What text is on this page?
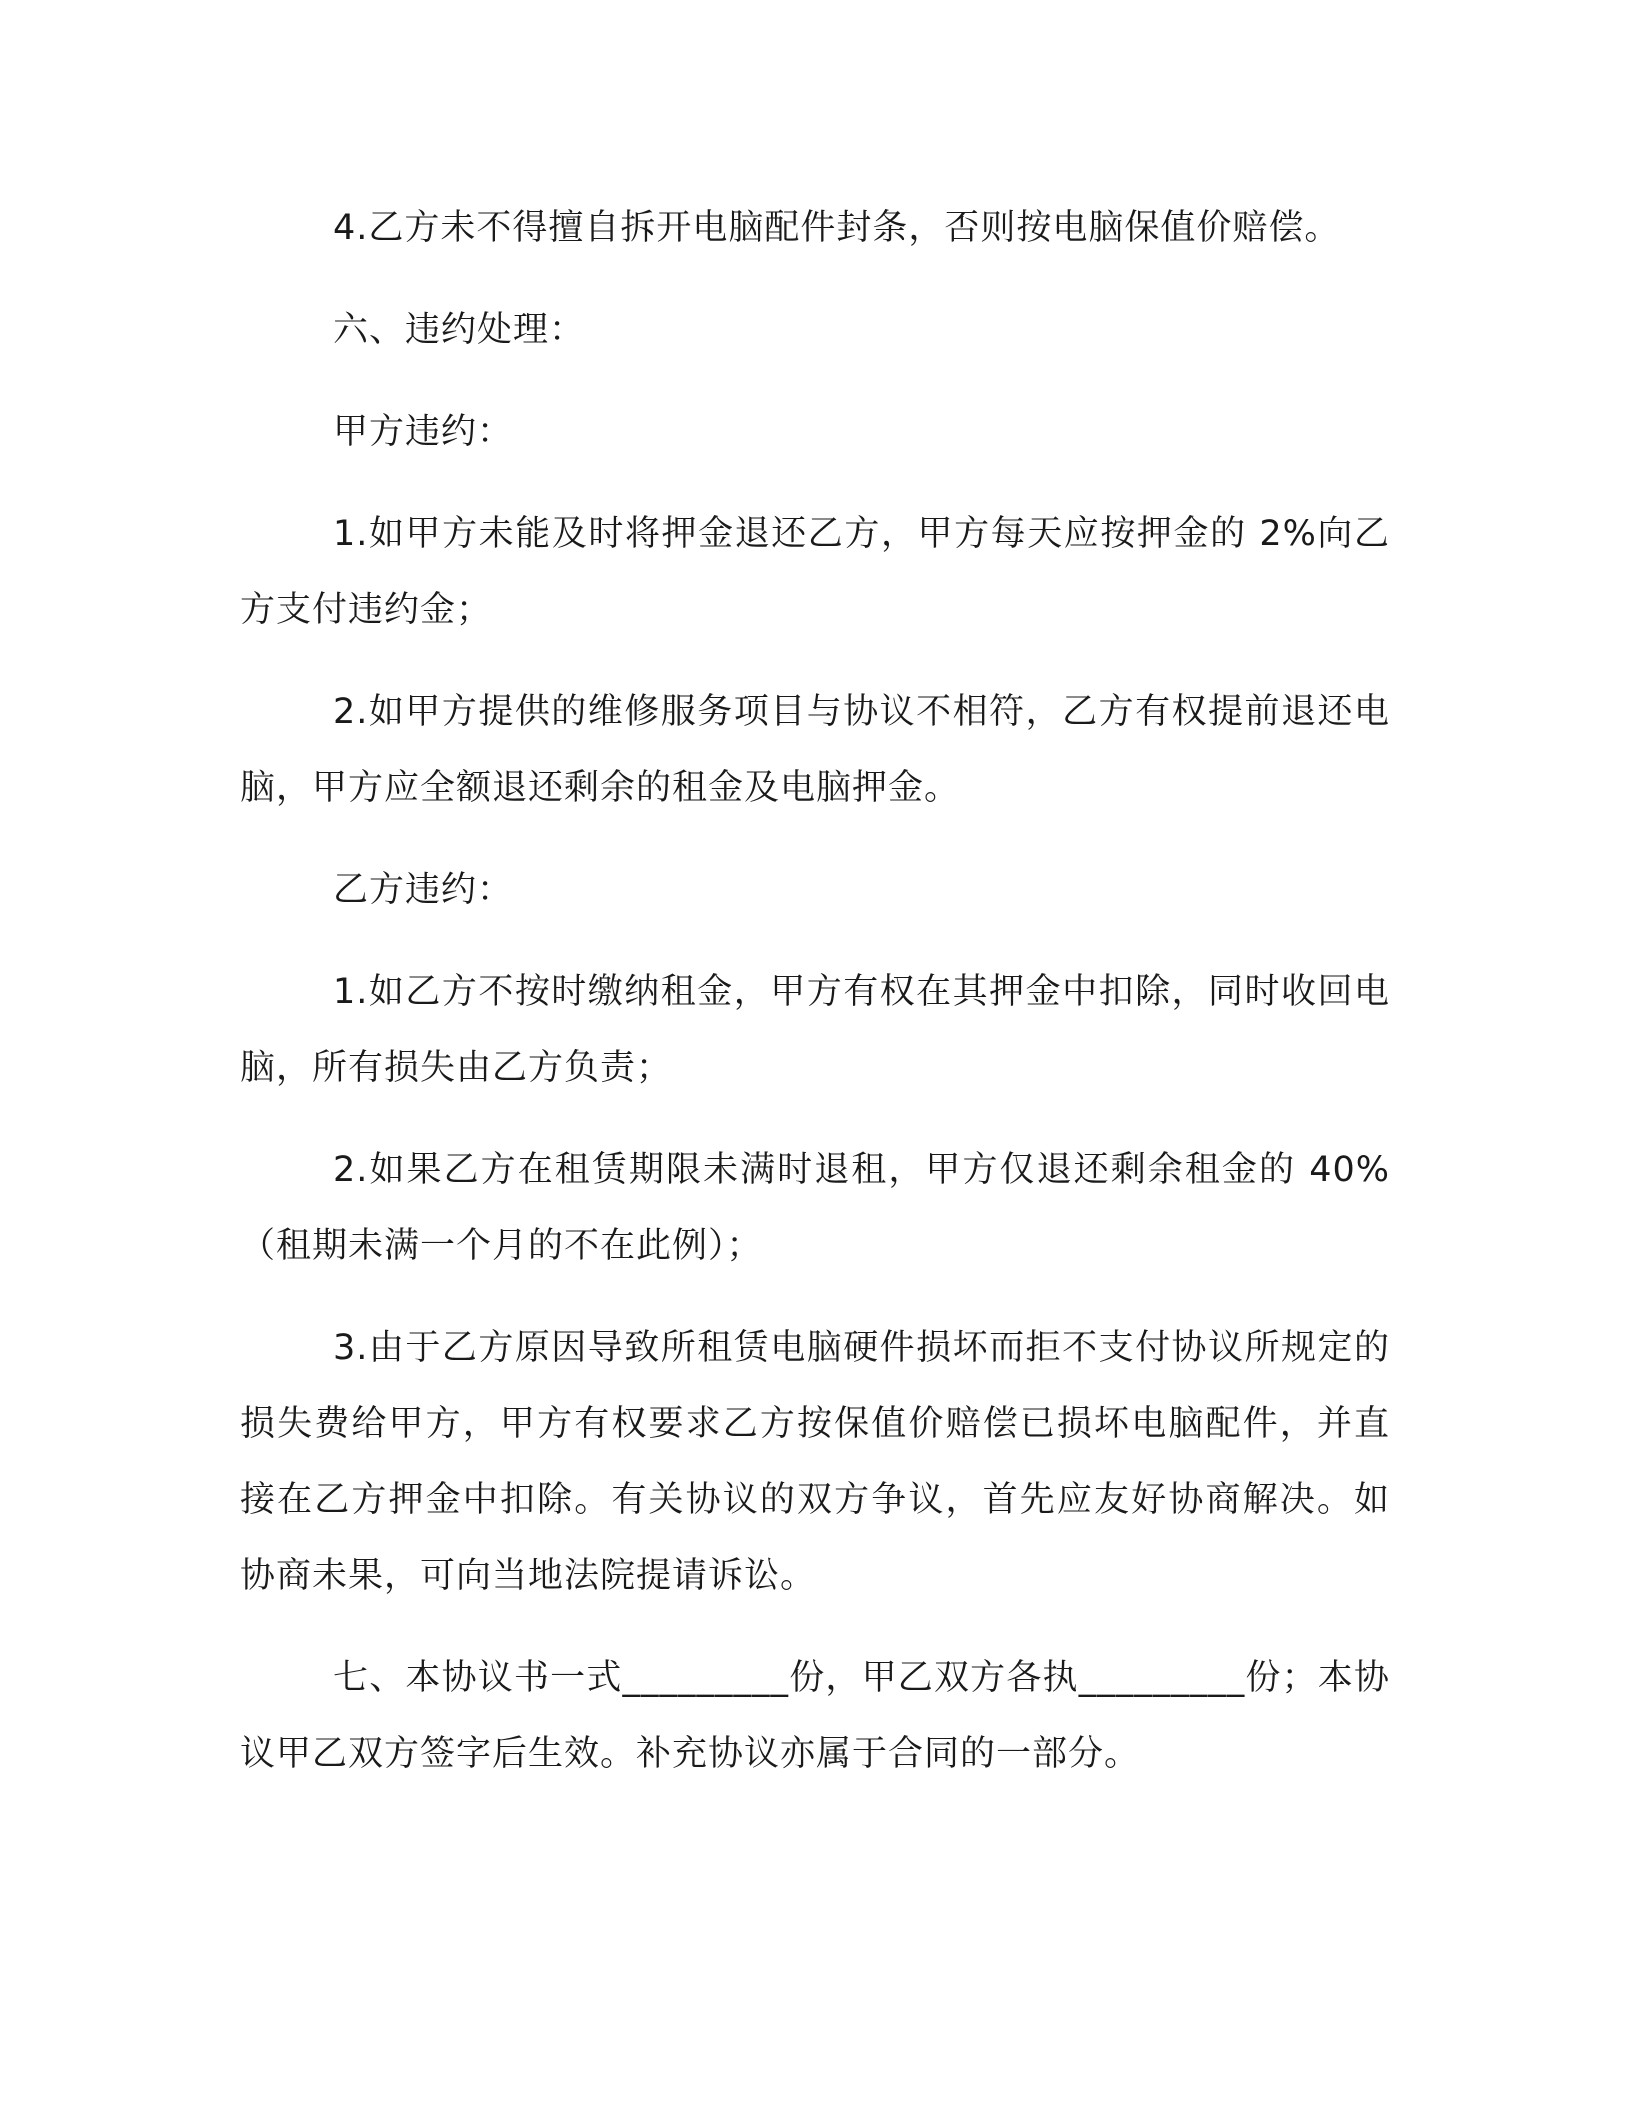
4.乙方未不得擅自拆开电脑配件封条，否则按电脑保值价赔偿。

六、违约处理：

甲方违约：

1.如甲方未能及时将押金退还乙方，甲方每天应按押金的 2%向乙方支付违约金；

2.如甲方提供的维修服务项目与协议不相符，乙方有权提前退还电脑，甲方应全额退还剩余的租金及电脑押金。

乙方违约：

1.如乙方不按时缴纳租金，甲方有权在其押金中扣除，同时收回电脑，所有损失由乙方负责；

2.如果乙方在租赁期限未满时退租，甲方仅退还剩余租金的 40%（租期未满一个月的不在此例）；

3.由于乙方原因导致所租赁电脑硬件损坏而拒不支付协议所规定的损失费给甲方，甲方有权要求乙方按保值价赔偿已损坏电脑配件，并直接在乙方押金中扣除。有关协议的双方争议，首先应友好协商解决。如协商未果，可向当地法院提请诉讼。

七、本协议书一式_________份，甲乙双方各执_________份；本协议甲乙双方签字后生效。补充协议亦属于合同的一部分。
